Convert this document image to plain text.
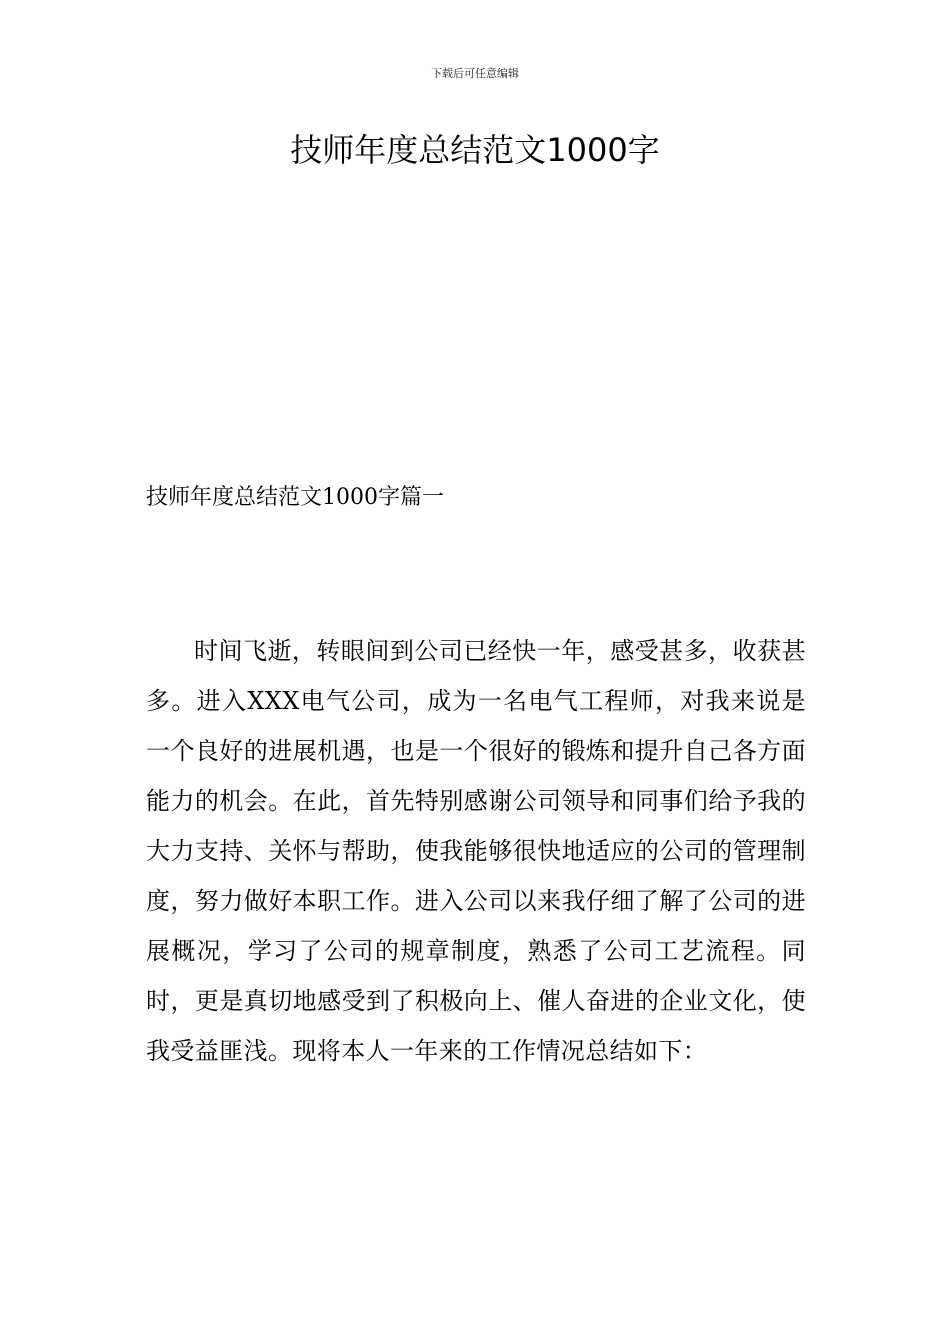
下载后可任意编辑
技师年度总结范文1000字
技师年度总结范文1000字篇一

时间飞逝，转眼间到公司已经快一年，感受甚多，收获甚多。进入XXX电气公司，成为一名电气工程师，对我来说是一个良好的进展机遇，也是一个很好的锻炼和提升自己各方面能力的机会。在此，首先特别感谢公司领导和同事们给予我的大力支持、关怀与帮助，使我能够很快地适应的公司的管理制度，努力做好本职工作。进入公司以来我仔细了解了公司的进展概况，学习了公司的规章制度，熟悉了公司工艺流程。同时，更是真切地感受到了积极向上、催人奋进的企业文化，使我受益匪浅。现将本人一年来的工作情况总结如下：
